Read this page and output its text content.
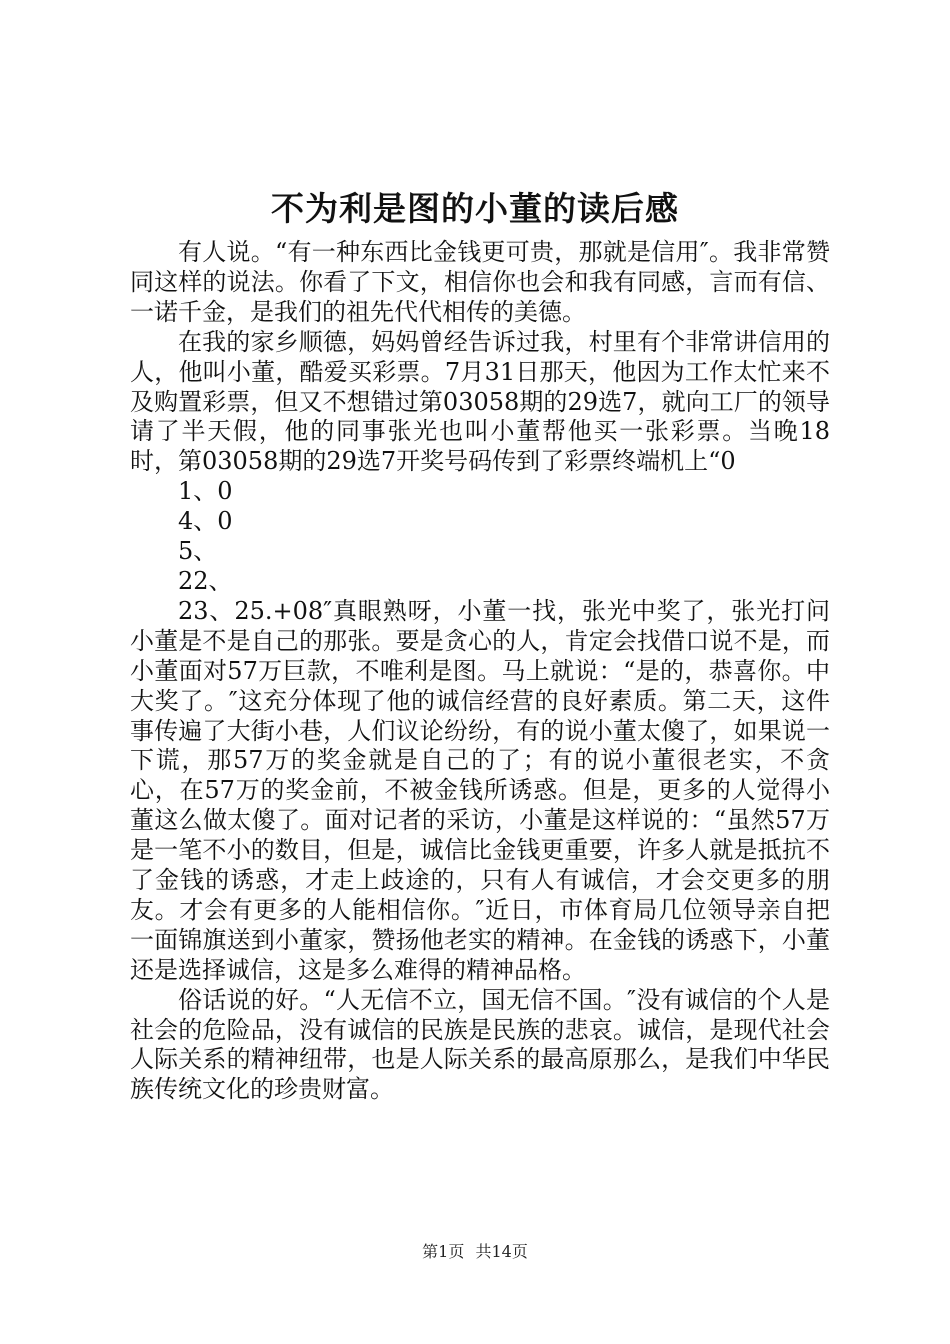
不为利是图的小董的读后感

有人说。“有一种东西比金钱更可贵，那就是信用″。我非常赞同这样的说法。你看了下文，相信你也会和我有同感，言而有信、一诺千金，是我们的祖先代代相传的美德。

在我的家乡顺德，妈妈曾经告诉过我，村里有个非常讲信用的人，他叫小董，酷爱买彩票。7月31日那天，他因为工作太忙来不及购置彩票，但又不想错过第03058期的29选7，就向工厂的领导请了半天假，他的同事张光也叫小董帮他买一张彩票。当晚18时，第03058期的29选7开奖号码传到了彩票终端机上“0

1、0

4、0

5、

22、

23、25.+08″真眼熟呀，小董一找，张光中奖了，张光打问小董是不是自己的那张。要是贪心的人，肯定会找借口说不是，而小董面对57万巨款，不唯利是图。马上就说：“是的，恭喜你。中大奖了。″这充分体现了他的诚信经营的良好素质。第二天，这件事传遍了大街小巷，人们议论纷纷，有的说小董太傻了，如果说一下谎，那57万的奖金就是自己的了；有的说小董很老实，不贪心，在57万的奖金前，不被金钱所诱惑。但是，更多的人觉得小董这么做太傻了。面对记者的采访，小董是这样说的：“虽然57万是一笔不小的数目，但是，诚信比金钱更重要，许多人就是抵抗不了金钱的诱惑，才走上歧途的，只有人有诚信，才会交更多的朋友。才会有更多的人能相信你。″近日，市体育局几位领导亲自把一面锦旗送到小董家，赞扬他老实的精神。在金钱的诱惑下，小董还是选择诚信，这是多么难得的精神品格。

俗话说的好。“人无信不立，国无信不国。″没有诚信的个人是社会的危险品，没有诚信的民族是民族的悲哀。诚信，是现代社会人际关系的精神纽带，也是人际关系的最高原那么，是我们中华民族传统文化的珍贵财富。

第1页 共14页
